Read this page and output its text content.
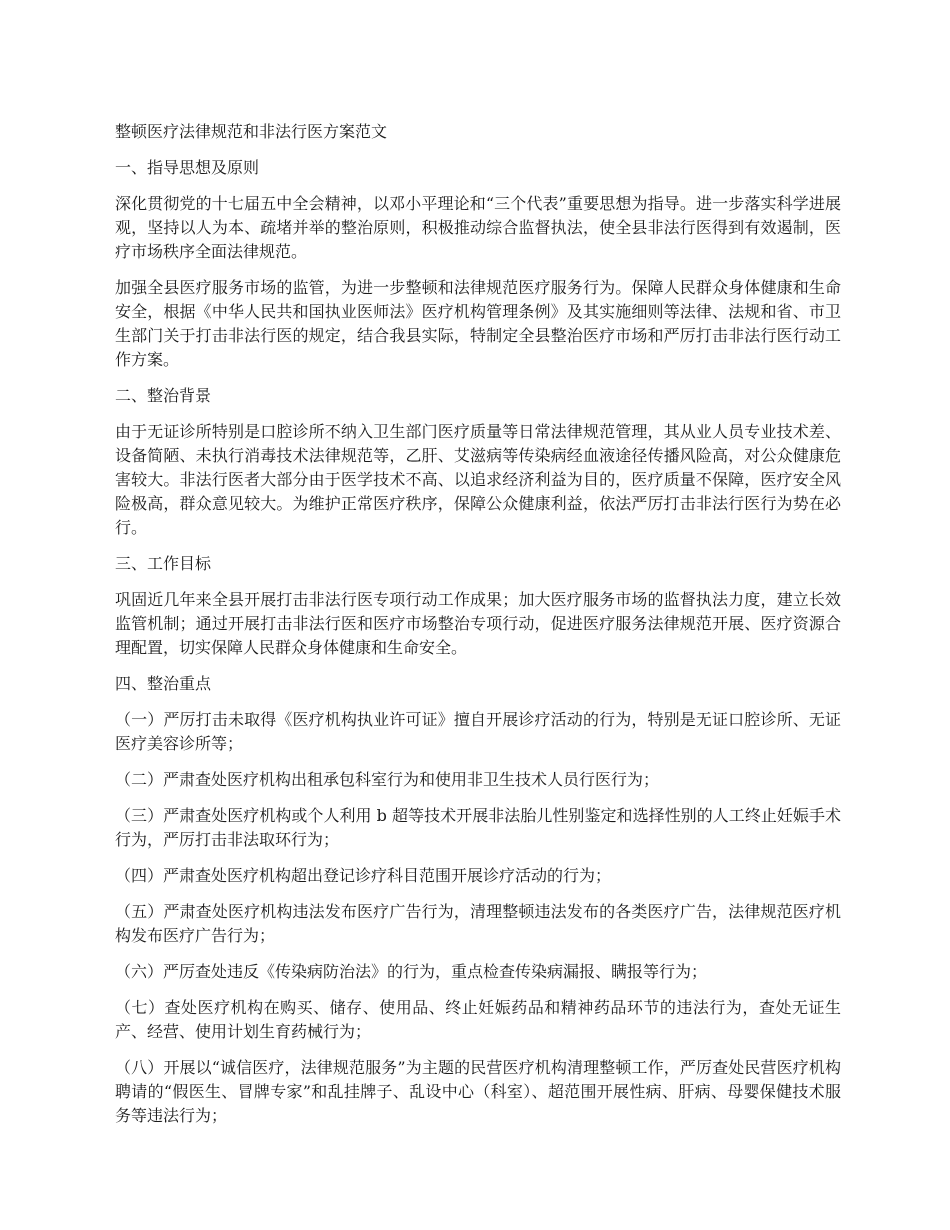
整顿医疗法律规范和非法行医方案范文

一、指导思想及原则

深化贯彻党的十七届五中全会精神，以邓小平理论和“三个代表”重要思想为指导。进一步落实科学进展观，坚持以人为本、疏堵并举的整治原则，积极推动综合监督执法，使全县非法行医得到有效遏制，医疗市场秩序全面法律规范。

加强全县医疗服务市场的监管，为进一步整顿和法律规范医疗服务行为。保障人民群众身体健康和生命安全，根据《中华人民共和国执业医师法》医疗机构管理条例》及其实施细则等法律、法规和省、市卫生部门关于打击非法行医的规定，结合我县实际，特制定全县整治医疗市场和严厉打击非法行医行动工作方案。

二、整治背景

由于无证诊所特别是口腔诊所不纳入卫生部门医疗质量等日常法律规范管理，其从业人员专业技术差、设备简陋、未执行消毒技术法律规范等，乙肝、艾滋病等传染病经血液途径传播风险高，对公众健康危害较大。非法行医者大部分由于医学技术不高、以追求经济利益为目的，医疗质量不保障，医疗安全风险极高，群众意见较大。为维护正常医疗秩序，保障公众健康利益，依法严厉打击非法行医行为势在必行。

三、工作目标

巩固近几年来全县开展打击非法行医专项行动工作成果；加大医疗服务市场的监督执法力度，建立长效监管机制；通过开展打击非法行医和医疗市场整治专项行动，促进医疗服务法律规范开展、医疗资源合理配置，切实保障人民群众身体健康和生命安全。

四、整治重点

（一）严厉打击未取得《医疗机构执业许可证》擅自开展诊疗活动的行为，特别是无证口腔诊所、无证医疗美容诊所等；

（二）严肃查处医疗机构出租承包科室行为和使用非卫生技术人员行医行为；

（三）严肃查处医疗机构或个人利用 b 超等技术开展非法胎儿性别鉴定和选择性别的人工终止妊娠手术行为，严厉打击非法取环行为；

（四）严肃查处医疗机构超出登记诊疗科目范围开展诊疗活动的行为；

（五）严肃查处医疗机构违法发布医疗广告行为，清理整顿违法发布的各类医疗广告，法律规范医疗机构发布医疗广告行为；

（六）严厉查处违反《传染病防治法》的行为，重点检查传染病漏报、瞒报等行为；

（七）查处医疗机构在购买、储存、使用品、终止妊娠药品和精神药品环节的违法行为，查处无证生产、经营、使用计划生育药械行为；

（八）开展以“诚信医疗，法律规范服务”为主题的民营医疗机构清理整顿工作，严厉查处民营医疗机构聘请的“假医生、冒牌专家”和乱挂牌子、乱设中心（科室）、超范围开展性病、肝病、母婴保健技术服务等违法行为；
